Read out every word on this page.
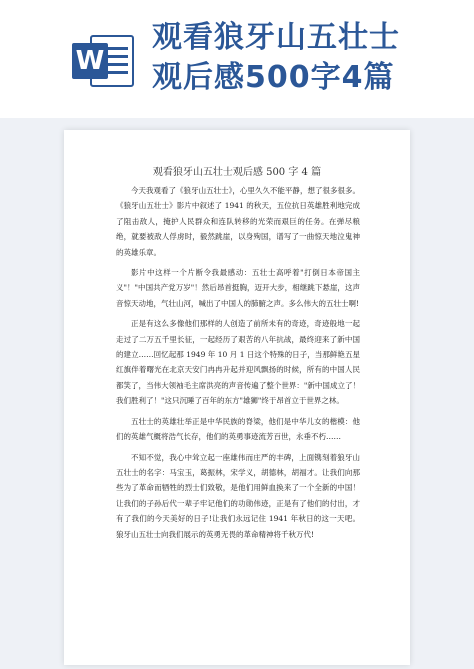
W
观看狼牙山五壮士
观后感500字4篇
观看狼牙山五壮士观后感 500 字 4 篇

今天我观看了《狼牙山五壮士》，心里久久不能平静，想了很多很多。《狼牙山五壮士》影片中叙述了 1941 的秋天，五位抗日英雄胜利地完成了阻击敌人，掩护人民群众和连队转移的光荣而艰巨的任务。在弹尽粮绝，就要被敌人俘虏时，毅然跳崖，以身殉国，谱写了一曲惊天地泣鬼神的英雄乐章。

影片中这样一个片断令我最感动：五壮士高呼着"打倒日本帝国主义"！"中国共产党万岁"！然后昂首挺胸，迈开大步，相继跳下悬崖，这声音惊天动地，气壮山河，喊出了中国人的肺腑之声。多么伟大的五壮士啊!

正是有这么多像他们那样的人创造了前所未有的奇迹，奇迹般地一起走过了二万五千里长征，一起经历了艰苦的八年抗战，最终迎来了新中国的建立……回忆起那 1949 年 10 月 1 日这个特殊的日子，当那鲜艳五星红旗伴着曙光在北京天安门冉冉升起并迎风飘扬的时候，所有的中国人民都笑了，当伟大领袖毛主席洪亮的声音传遍了整个世界："新中国成立了！我们胜利了！"这只沉睡了百年的东方"雄狮"终于昂首立于世界之林。

五壮士的英雄壮举正是中华民族的脊梁，他们是中华儿女的楷模：他们的英雄气概将浩气长存，他们的英勇事迹流芳百世，永垂不朽……

不知不觉，我心中耸立起一座雄伟而庄严的丰碑，上面镌刻着狼牙山五壮士的名字：马宝玉，葛振林，宋学义，胡德林，胡福才。让我们向那些为了革命而牺牲的烈士们致敬，是他们用鲜血换来了一个全新的中国！让我们的子孙后代一辈子牢记他们的功勋伟迹，正是有了他们的付出，才有了我们的今天美好的日子!让我们永远记住 1941 年秋日的这一天吧。狼牙山五壮士向我们展示的英勇无畏的革命精神将千秋万代!
